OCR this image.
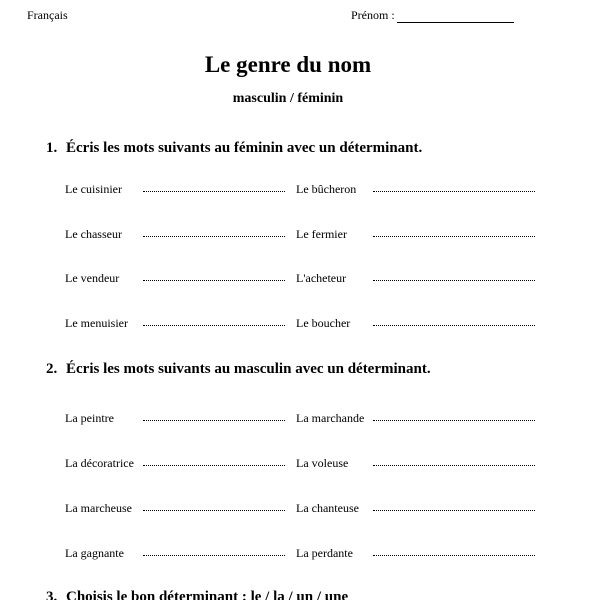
Français	Prénom :
Le genre du nom
masculin / féminin
1. Écris les mots suivants au féminin avec un déterminant.
Le cuisinier	Le bûcheron
Le chasseur	Le fermier
Le vendeur	L'acheteur
Le menuisier	Le boucher
2. Écris les mots suivants au masculin avec un déterminant.
La peintre	La marchande
La décoratrice	La voleuse
La marcheuse	La chanteuse
La gagnante	La perdante
3. Choisis le bon déterminant : le / la / un / une
